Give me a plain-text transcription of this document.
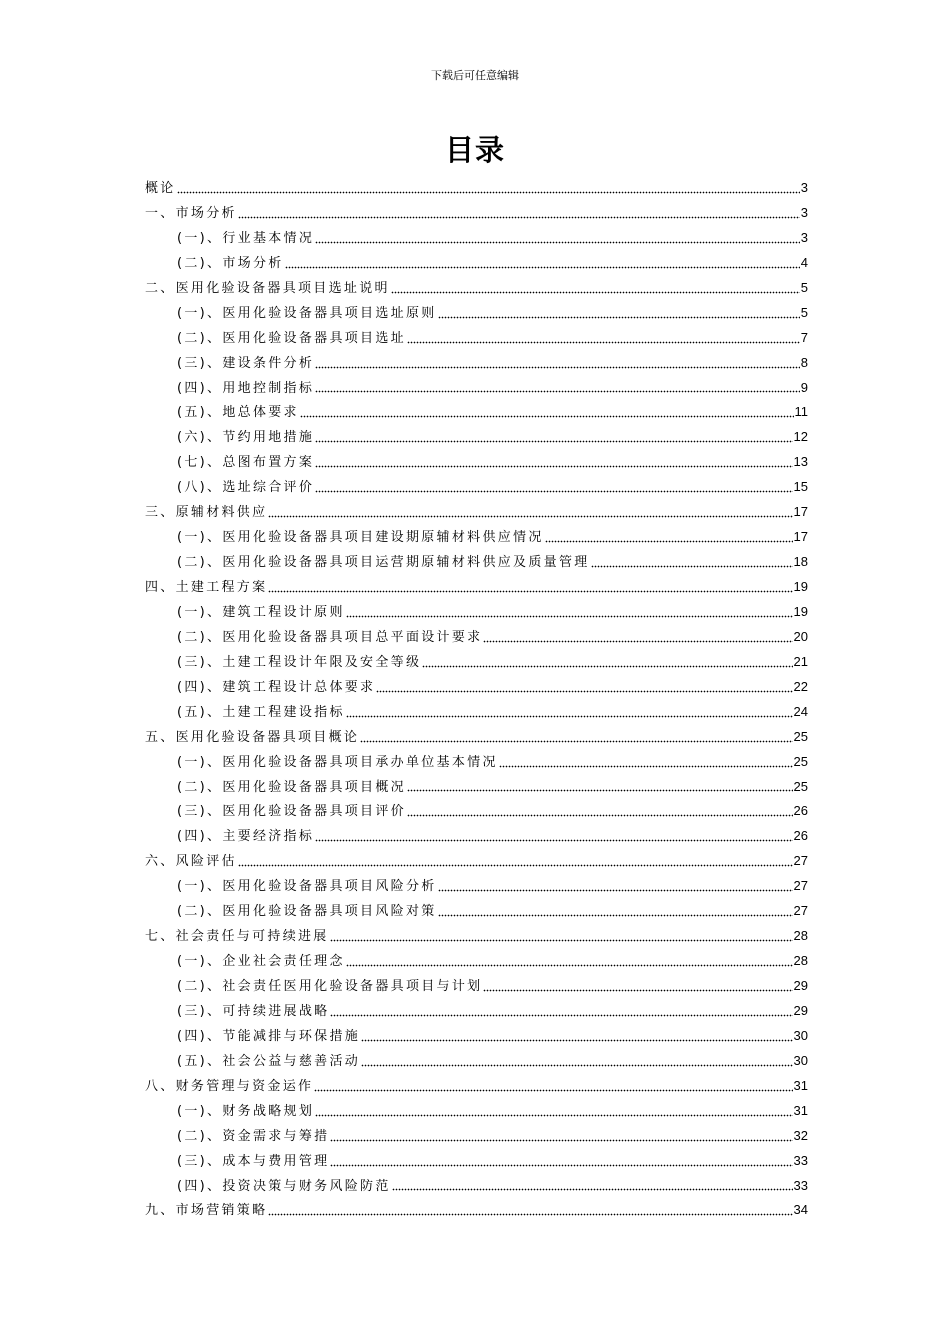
下载后可任意编辑
目录
概论	3
一、市场分析	3
(一)、行业基本情况	3
(二)、市场分析	4
二、医用化验设备器具项目选址说明	5
(一)、医用化验设备器具项目选址原则	5
(二)、医用化验设备器具项目选址	7
(三)、建设条件分析	8
(四)、用地控制指标	9
(五)、地总体要求	11
(六)、节约用地措施	12
(七)、总图布置方案	13
(八)、选址综合评价	15
三、原辅材料供应	17
(一)、医用化验设备器具项目建设期原辅材料供应情况	17
(二)、医用化验设备器具项目运营期原辅材料供应及质量管理	18
四、土建工程方案	19
(一)、建筑工程设计原则	19
(二)、医用化验设备器具项目总平面设计要求	20
(三)、土建工程设计年限及安全等级	21
(四)、建筑工程设计总体要求	22
(五)、土建工程建设指标	24
五、医用化验设备器具项目概论	25
(一)、医用化验设备器具项目承办单位基本情况	25
(二)、医用化验设备器具项目概况	25
(三)、医用化验设备器具项目评价	26
(四)、主要经济指标	26
六、风险评估	27
(一)、医用化验设备器具项目风险分析	27
(二)、医用化验设备器具项目风险对策	27
七、社会责任与可持续进展	28
(一)、企业社会责任理念	28
(二)、社会责任医用化验设备器具项目与计划	29
(三)、可持续进展战略	29
(四)、节能减排与环保措施	30
(五)、社会公益与慈善活动	30
八、财务管理与资金运作	31
(一)、财务战略规划	31
(二)、资金需求与筹措	32
(三)、成本与费用管理	33
(四)、投资决策与财务风险防范	33
九、市场营销策略	34
